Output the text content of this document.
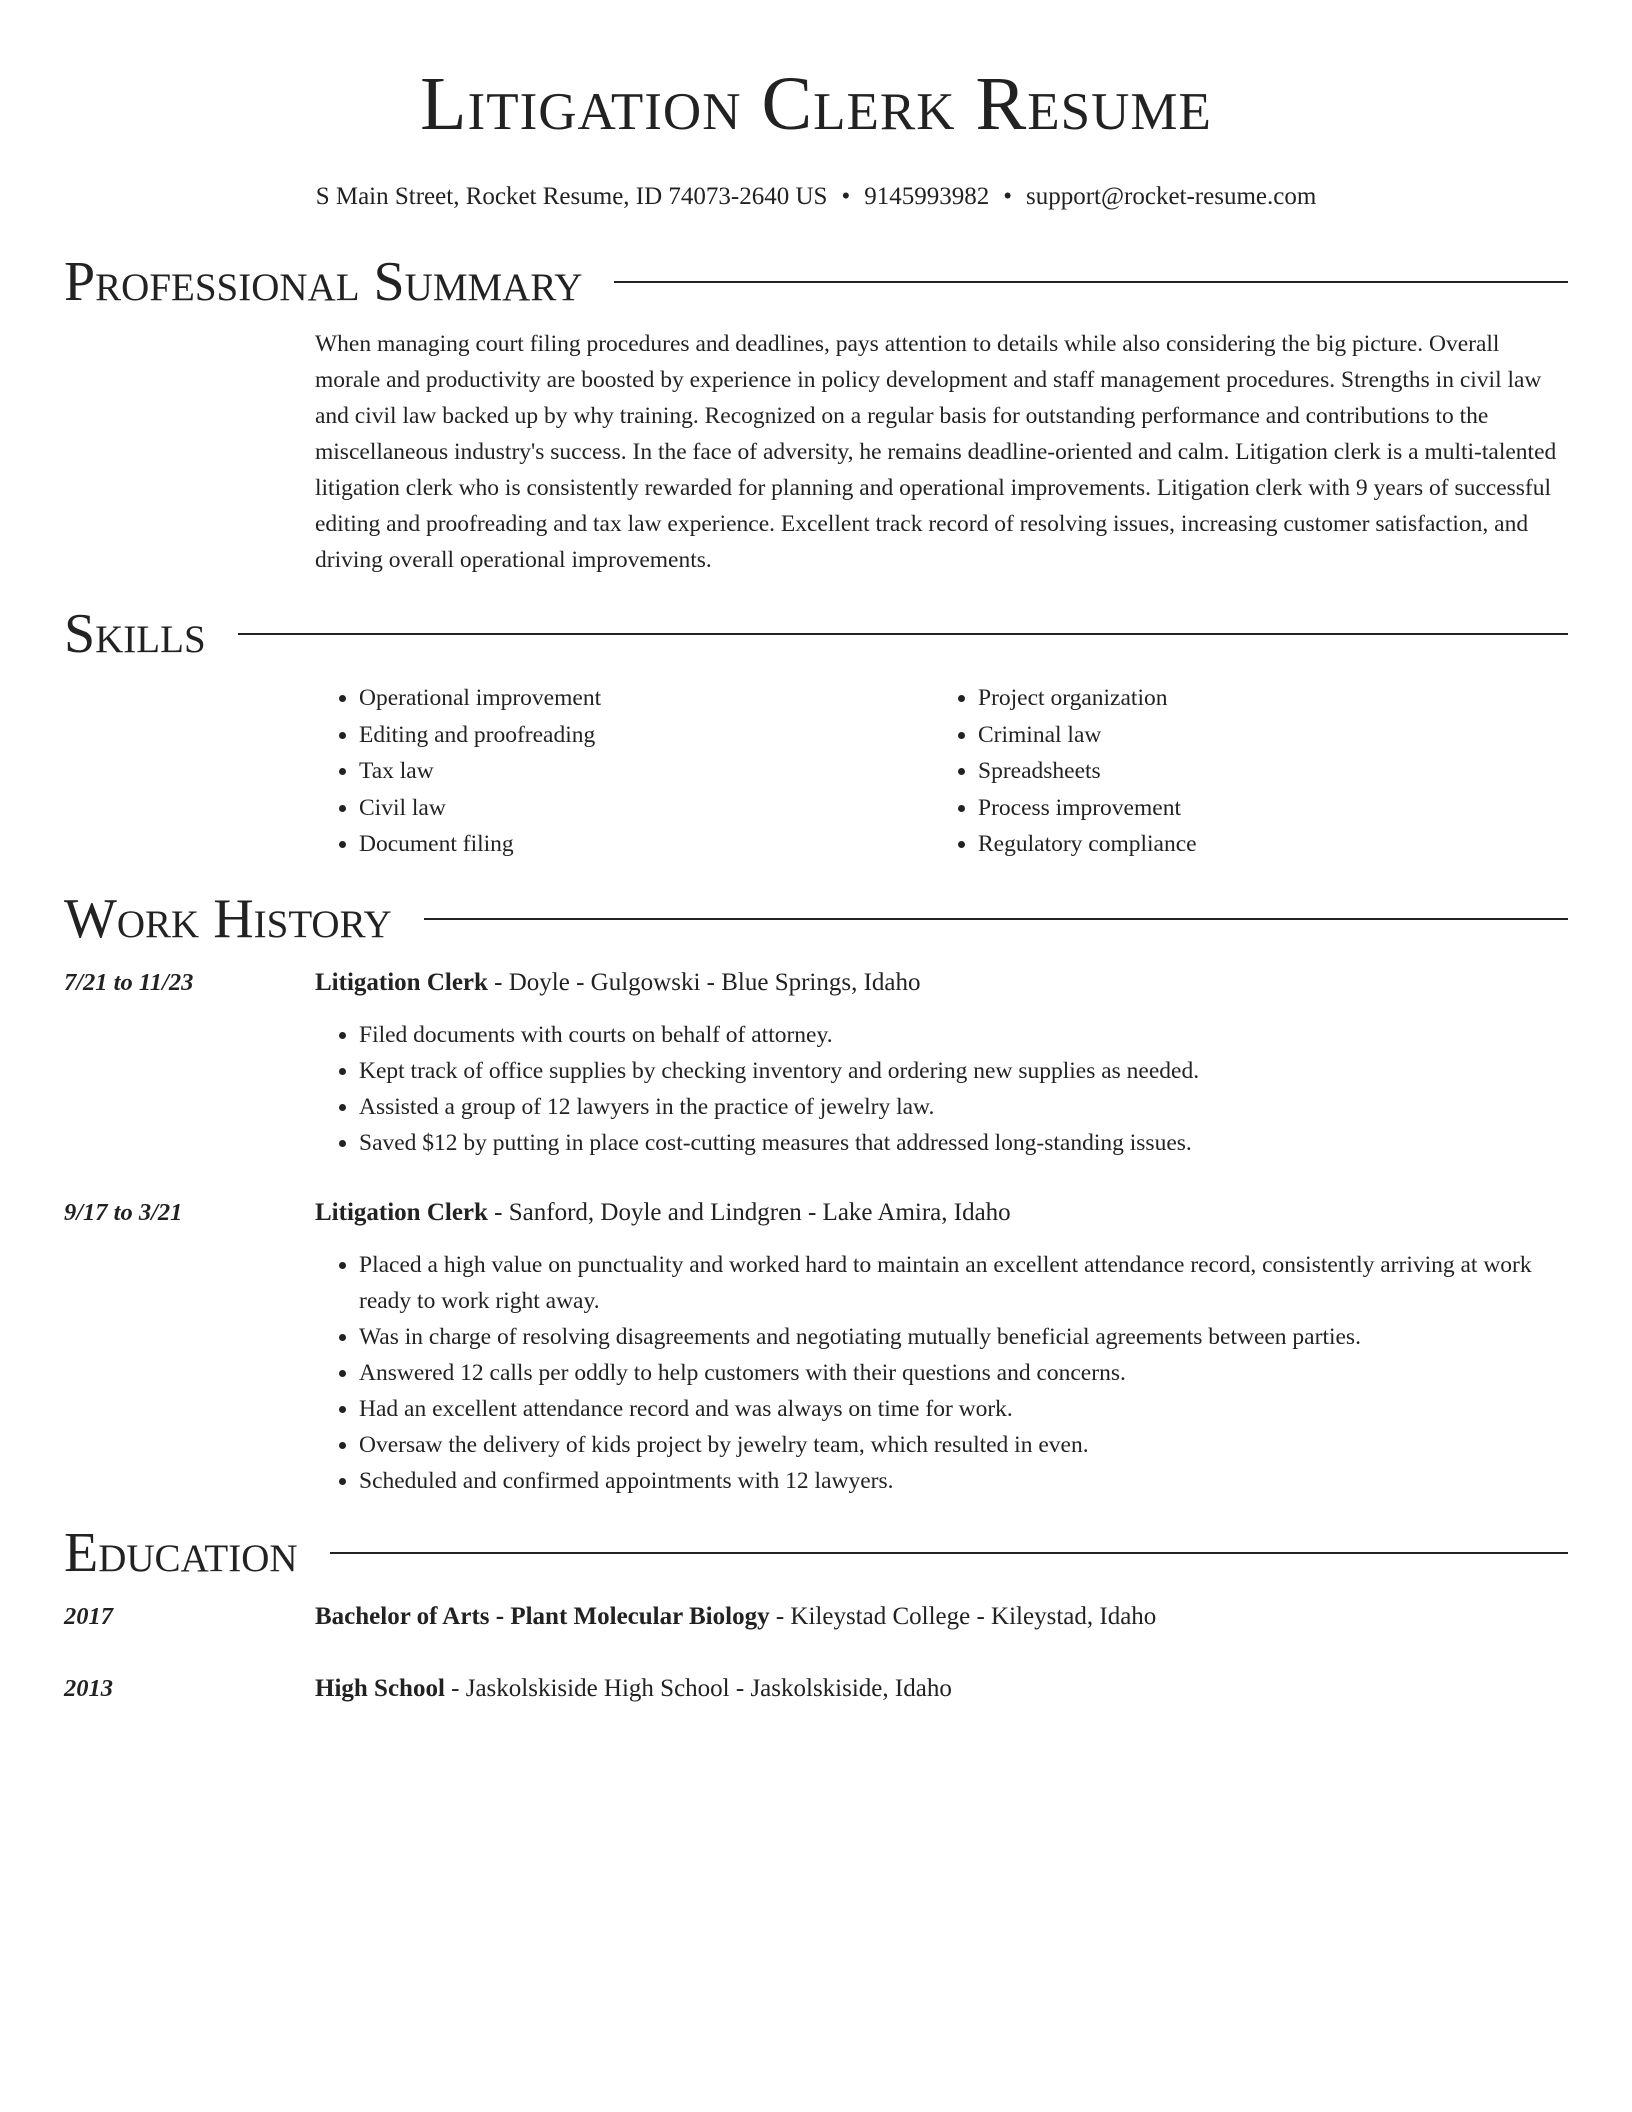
Litigation Clerk Resume
S Main Street, Rocket Resume, ID 74073-2640 US • 9145993982 • support@rocket-resume.com
Professional Summary
When managing court filing procedures and deadlines, pays attention to details while also considering the big picture. Overall morale and productivity are boosted by experience in policy development and staff management procedures. Strengths in civil law and civil law backed up by why training. Recognized on a regular basis for outstanding performance and contributions to the miscellaneous industry's success. In the face of adversity, he remains deadline-oriented and calm. Litigation clerk is a multi-talented litigation clerk who is consistently rewarded for planning and operational improvements. Litigation clerk with 9 years of successful editing and proofreading and tax law experience. Excellent track record of resolving issues, increasing customer satisfaction, and driving overall operational improvements.
Skills
• Operational improvement
• Editing and proofreading
• Tax law
• Civil law
• Document filing
• Project organization
• Criminal law
• Spreadsheets
• Process improvement
• Regulatory compliance
Work History
7/21 to 11/23	Litigation Clerk - Doyle - Gulgowski - Blue Springs, Idaho
• Filed documents with courts on behalf of attorney.
• Kept track of office supplies by checking inventory and ordering new supplies as needed.
• Assisted a group of 12 lawyers in the practice of jewelry law.
• Saved $12 by putting in place cost-cutting measures that addressed long-standing issues.
9/17 to 3/21	Litigation Clerk - Sanford, Doyle and Lindgren - Lake Amira, Idaho
• Placed a high value on punctuality and worked hard to maintain an excellent attendance record, consistently arriving at work ready to work right away.
• Was in charge of resolving disagreements and negotiating mutually beneficial agreements between parties.
• Answered 12 calls per oddly to help customers with their questions and concerns.
• Had an excellent attendance record and was always on time for work.
• Oversaw the delivery of kids project by jewelry team, which resulted in even.
• Scheduled and confirmed appointments with 12 lawyers.
Education
2017	Bachelor of Arts - Plant Molecular Biology - Kileystad College - Kileystad, Idaho
2013	High School - Jaskolskiside High School - Jaskolskiside, Idaho
